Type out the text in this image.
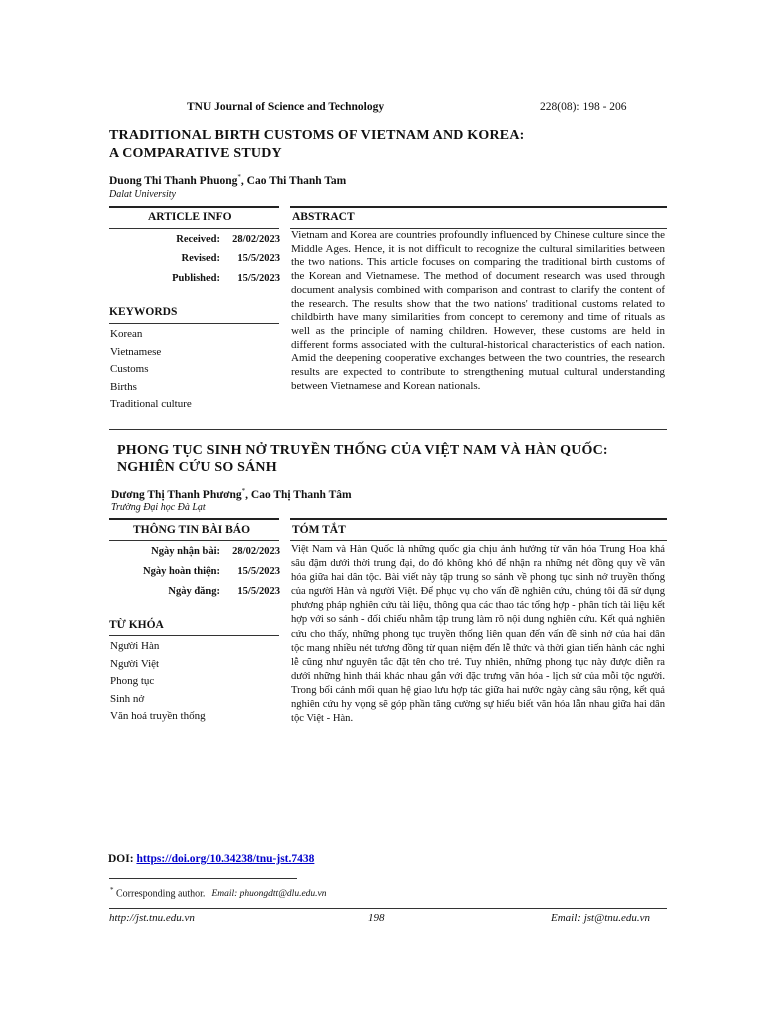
TNU Journal of Science and Technology	228(08): 198 - 206
TRADITIONAL BIRTH CUSTOMS OF VIETNAM AND KOREA:
A COMPARATIVE STUDY
Duong Thi Thanh Phuong*, Cao Thi Thanh Tam
Dalat University
ARTICLE INFO	ABSTRACT
Received:	28/02/2023
Revised:	15/5/2023
Published:	15/5/2023
KEYWORDS
Korean
Vietnamese
Customs
Births
Traditional culture
Vietnam and Korea are countries profoundly influenced by Chinese culture since the Middle Ages. Hence, it is not difficult to recognize the cultural similarities between the two nations. This article focuses on comparing the traditional birth customs of the Korean and Vietnamese. The method of document research was used through document analysis combined with comparison and contrast to clarify the content of the research. The results show that the two nations' traditional customs related to childbirth have many similarities from concept to ceremony and time of rituals as well as the principle of naming children. However, these customs are held in different forms associated with the cultural-historical characteristics of each nation. Amid the deepening cooperative exchanges between the two countries, the research results are expected to contribute to strengthening mutual cultural understanding between Vietnamese and Korean nationals.
PHONG TỤC SINH NỞ TRUYỀN THỐNG CỦA VIỆT NAM VÀ HÀN QUỐC:
NGHIÊN CỨU SO SÁNH
Dương Thị Thanh Phương*, Cao Thị Thanh Tâm
Trường Đại học Đà Lạt
THÔNG TIN BÀI BÁO	TÓM TẮT
Ngày nhận bài:	28/02/2023
Ngày hoàn thiện:	15/5/2023
Ngày đăng:	15/5/2023
TỪ KHÓA
Người Hàn
Người Việt
Phong tục
Sinh nở
Văn hoá truyền thống
Việt Nam và Hàn Quốc là những quốc gia chịu ảnh hưởng từ văn hóa Trung Hoa khá sâu đậm dưới thời trung đại, do đó không khó để nhận ra những nét đồng quy về văn hóa giữa hai dân tộc. Bài viết này tập trung so sánh về phong tục sinh nở truyền thống của người Hàn và người Việt. Để phục vụ cho vấn đề nghiên cứu, chúng tôi đã sử dụng phương pháp nghiên cứu tài liệu, thông qua các thao tác tổng hợp - phân tích tài liệu kết hợp với so sánh - đối chiếu nhằm tập trung làm rõ nội dung nghiên cứu. Kết quả nghiên cứu cho thấy, những phong tục truyền thống liên quan đến vấn đề sinh nở của hai dân tộc mang nhiều nét tương đồng từ quan niệm đến lễ thức và thời gian tiến hành các nghi lễ cũng như nguyên tắc đặt tên cho trẻ. Tuy nhiên, những phong tục này được diễn ra dưới những hình thái khác nhau gắn với đặc trưng văn hóa - lịch sử của mỗi tộc người. Trong bối cảnh mối quan hệ giao lưu hợp tác giữa hai nước ngày càng sâu rộng, kết quả nghiên cứu hy vọng sẽ góp phần tăng cường sự hiểu biết văn hóa lẫn nhau giữa hai dân tộc Việt - Hàn.
DOI: https://doi.org/10.34238/tnu-jst.7438
* Corresponding author. Email: phuongdtt@dlu.edu.vn
http://jst.tnu.edu.vn	198	Email: jst@tnu.edu.vn
